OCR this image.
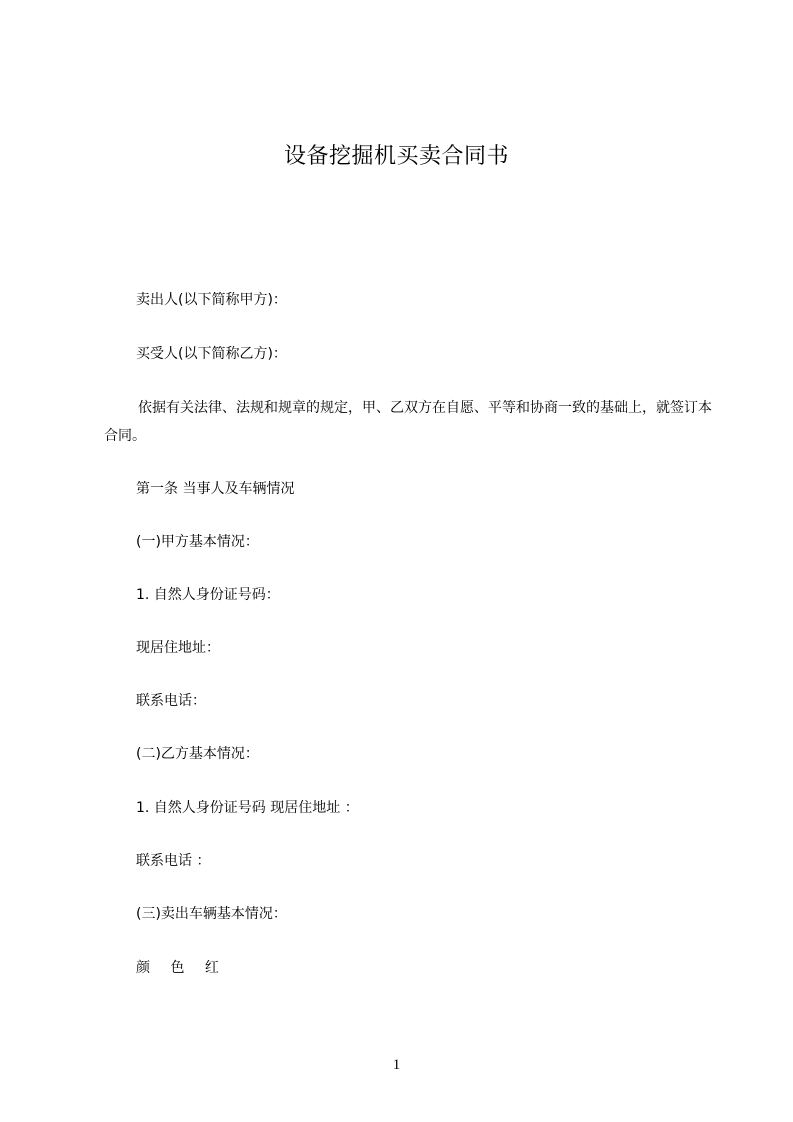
设备挖掘机买卖合同书
卖出人(以下简称甲方)：
买受人(以下简称乙方)：
依据有关法律、法规和规章的规定，甲、乙双方在自愿、平等和协商一致的基础上，就签订本合同。
第一条 当事人及车辆情况
(一)甲方基本情况：
1. 自然人身份证号码：
现居住地址：
联系电话：
(二)乙方基本情况：
1. 自然人身份证号码 现居住地址 ：
联系电话 ：
(三)卖出车辆基本情况：
颜 色 红
1
